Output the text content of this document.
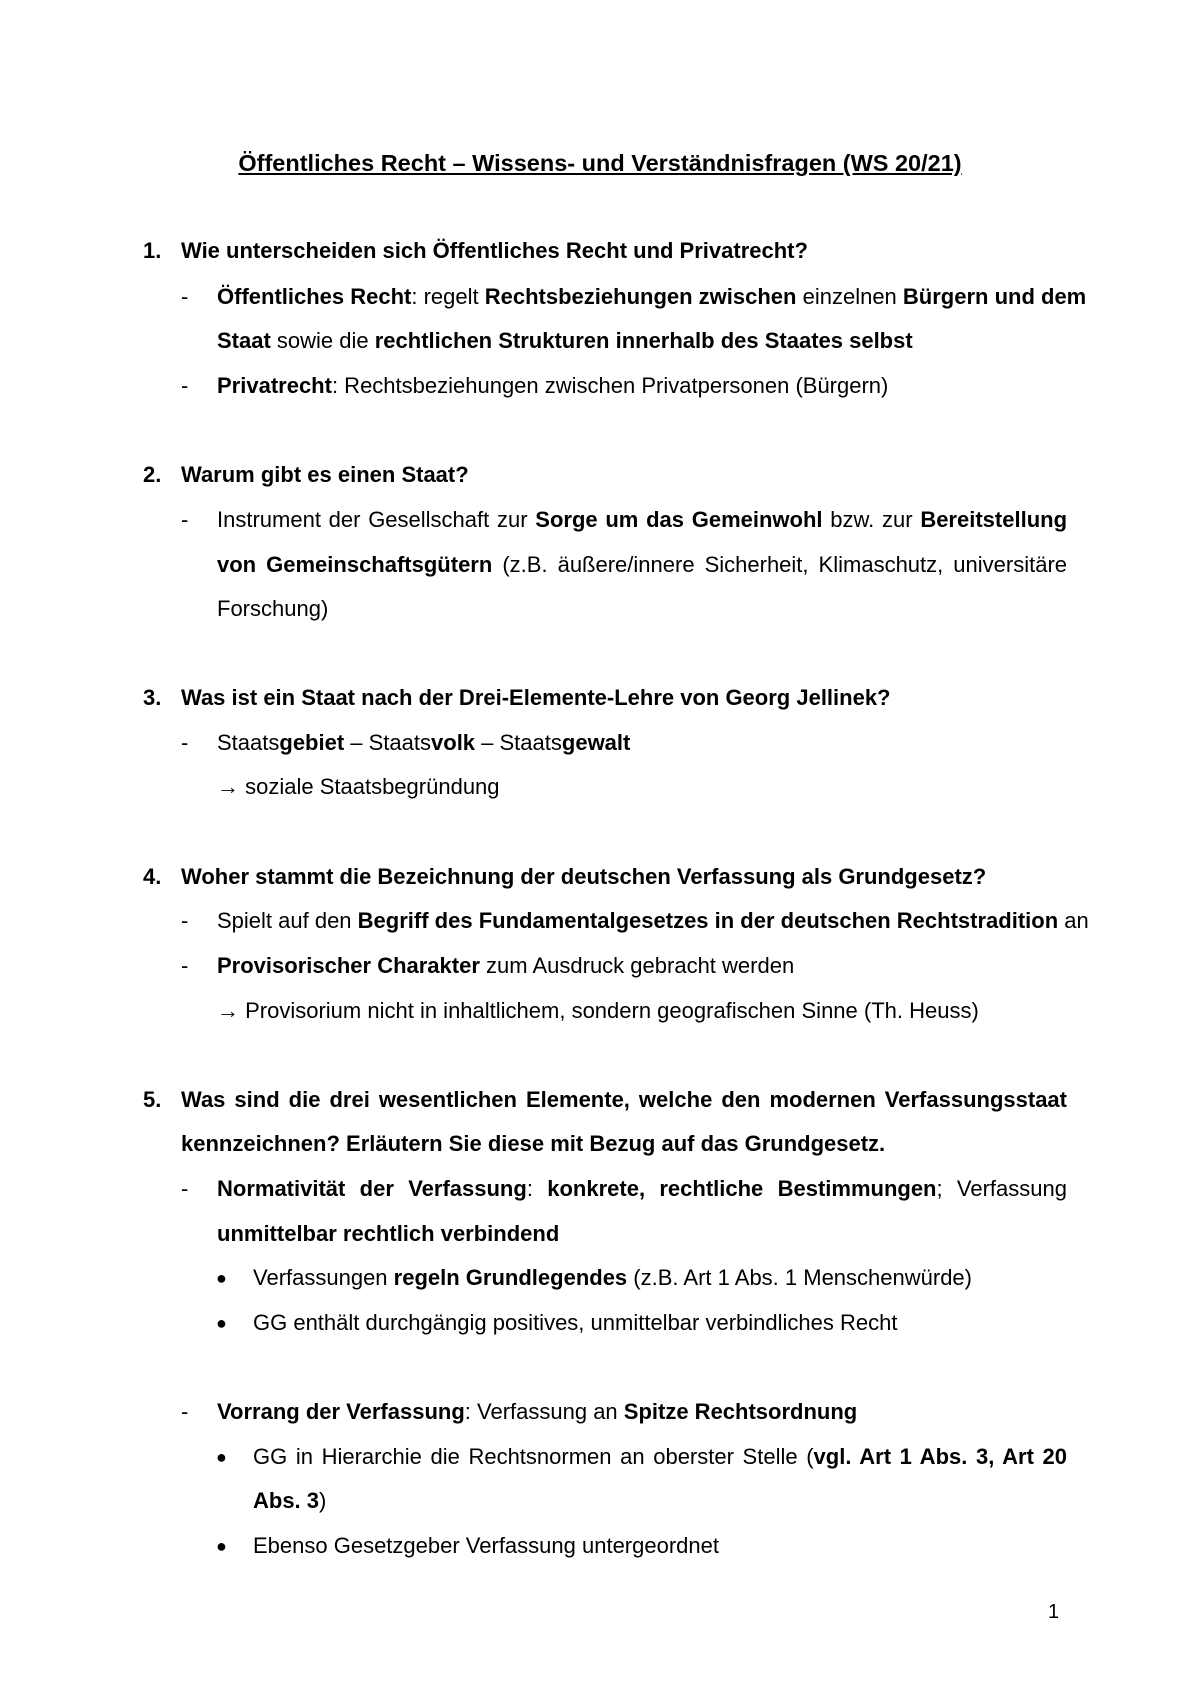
Öffentliches Recht – Wissens- und Verständnisfragen (WS 20/21)
1. Wie unterscheiden sich Öffentliches Recht und Privatrecht?
- Öffentliches Recht: regelt Rechtsbeziehungen zwischen einzelnen Bürgern und dem
Staat sowie die rechtlichen Strukturen innerhalb des Staates selbst
- Privatrecht: Rechtsbeziehungen zwischen Privatpersonen (Bürgern)
2. Warum gibt es einen Staat?
- Instrument der Gesellschaft zur Sorge um das Gemeinwohl bzw. zur Bereitstellung
von Gemeinschaftsgütern (z.B. äußere/innere Sicherheit, Klimaschutz, universitäre
Forschung)
3. Was ist ein Staat nach der Drei-Elemente-Lehre von Georg Jellinek?
- Staatsgebiet – Staatsvolk – Staatsgewalt
→ soziale Staatsbegründung
4. Woher stammt die Bezeichnung der deutschen Verfassung als Grundgesetz?
- Spielt auf den Begriff des Fundamentalgesetzes in der deutschen Rechtstradition an
- Provisorischer Charakter zum Ausdruck gebracht werden
→ Provisorium nicht in inhaltlichem, sondern geografischen Sinne (Th. Heuss)
5. Was sind die drei wesentlichen Elemente, welche den modernen Verfassungsstaat
kennzeichnen? Erläutern Sie diese mit Bezug auf das Grundgesetz.
- Normativität der Verfassung: konkrete, rechtliche Bestimmungen; Verfassung
unmittelbar rechtlich verbindend
● Verfassungen regeln Grundlegendes (z.B. Art 1 Abs. 1 Menschenwürde)
● GG enthält durchgängig positives, unmittelbar verbindliches Recht
- Vorrang der Verfassung: Verfassung an Spitze Rechtsordnung
● GG in Hierarchie die Rechtsnormen an oberster Stelle (vgl. Art 1 Abs. 3, Art 20
Abs. 3)
● Ebenso Gesetzgeber Verfassung untergeordnet
1
